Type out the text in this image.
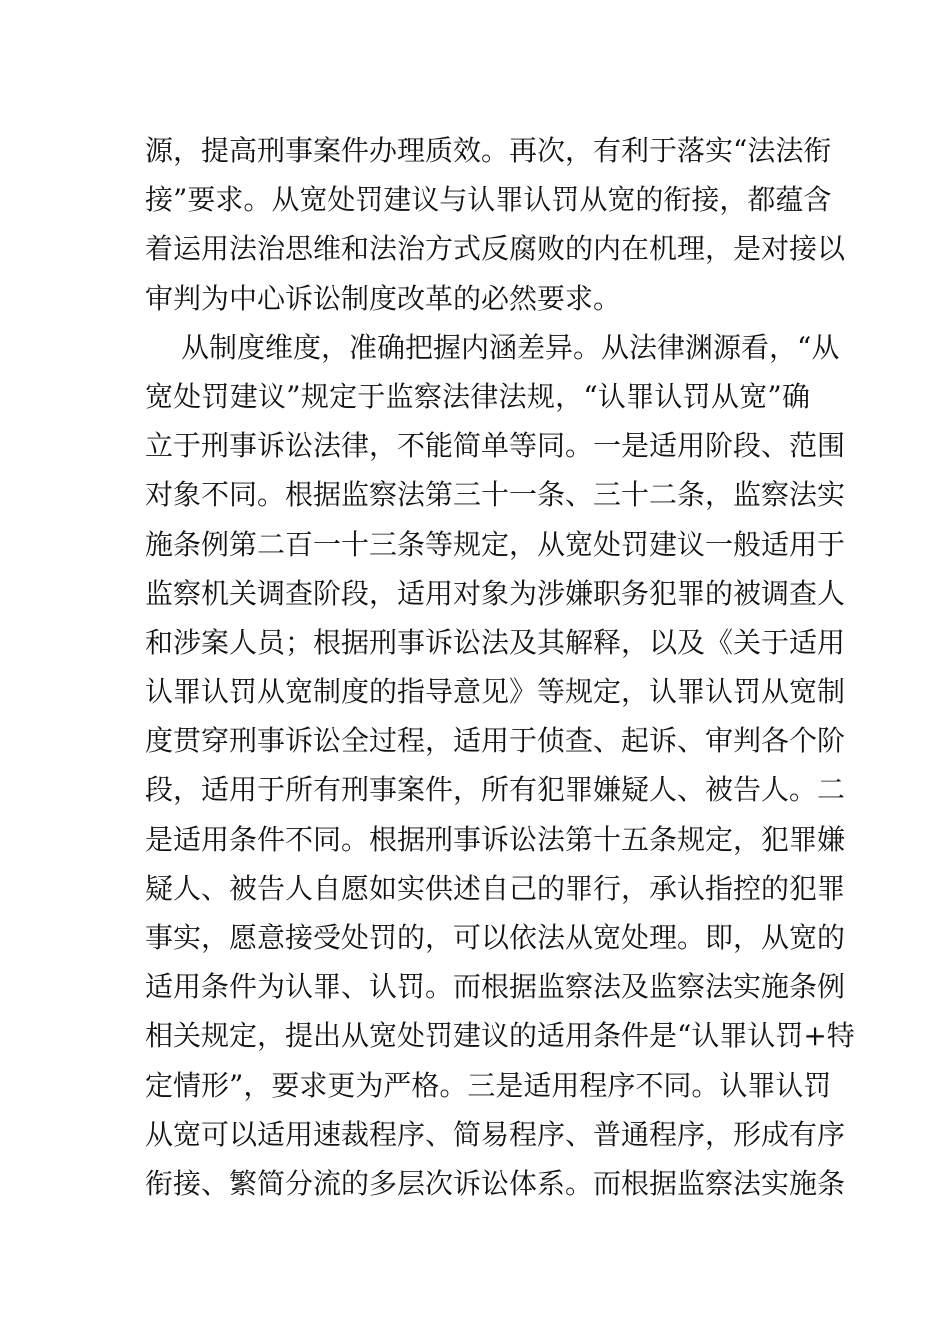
源，提高刑事案件办理质效。再次，有利于落实“法法衔
接”要求。从宽处罚建议与认罪认罚从宽的衔接，都蕴含
着运用法治思维和法治方式反腐败的内在机理，是对接以
审判为中心诉讼制度改革的必然要求。
从制度维度，准确把握内涵差异。从法律渊源看，“从
宽处罚建议”规定于监察法律法规，“认罪认罚从宽”确
立于刑事诉讼法律，不能简单等同。一是适用阶段、范围
对象不同。根据监察法第三十一条、三十二条，监察法实
施条例第二百一十三条等规定，从宽处罚建议一般适用于
监察机关调查阶段，适用对象为涉嫌职务犯罪的被调查人
和涉案人员；根据刑事诉讼法及其解释，以及《关于适用
认罪认罚从宽制度的指导意见》等规定，认罪认罚从宽制
度贯穿刑事诉讼全过程，适用于侦查、起诉、审判各个阶
段，适用于所有刑事案件，所有犯罪嫌疑人、被告人。二
是适用条件不同。根据刑事诉讼法第十五条规定，犯罪嫌
疑人、被告人自愿如实供述自己的罪行，承认指控的犯罪
事实，愿意接受处罚的，可以依法从宽处理。即，从宽的
适用条件为认罪、认罚。而根据监察法及监察法实施条例
相关规定，提出从宽处罚建议的适用条件是“认罪认罚+特
定情形”，要求更为严格。三是适用程序不同。认罪认罚
从宽可以适用速裁程序、简易程序、普通程序，形成有序
衔接、繁简分流的多层次诉讼体系。而根据监察法实施条
